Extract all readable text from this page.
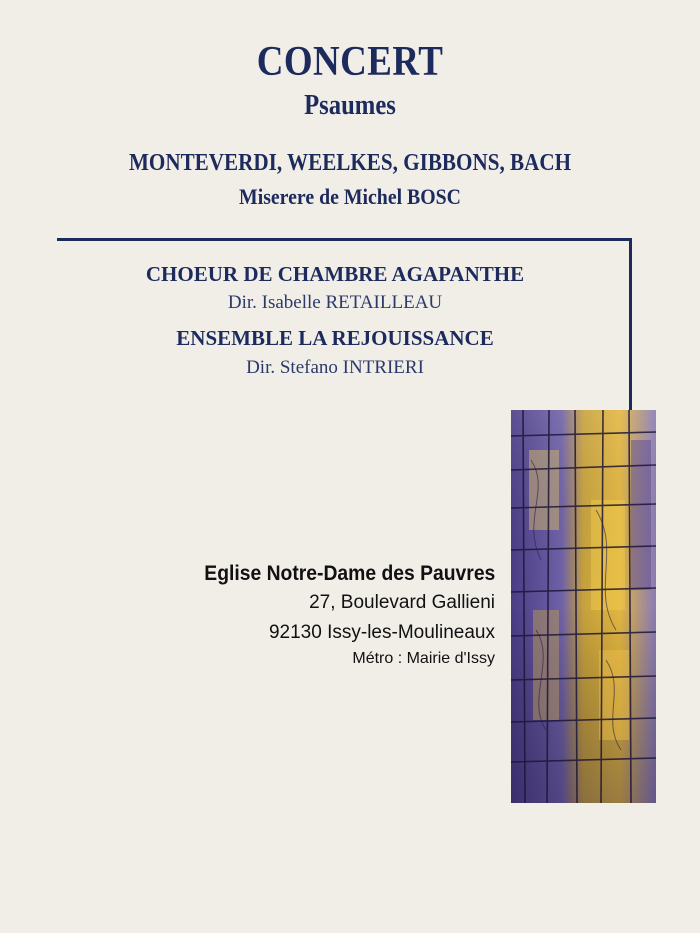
CONCERT
Psaumes
MONTEVERDI, WEELKES, GIBBONS, BACH
Miserere de Michel BOSC
CHOEUR DE CHAMBRE AGAPANTHE
Dir. Isabelle RETAILLEAU
ENSEMBLE LA REJOUISSANCE
Dir. Stefano INTRIERI
Eglise Notre-Dame des Pauvres
27, Boulevard Gallieni
92130 Issy-les-Moulineaux
Métro : Mairie d'Issy
